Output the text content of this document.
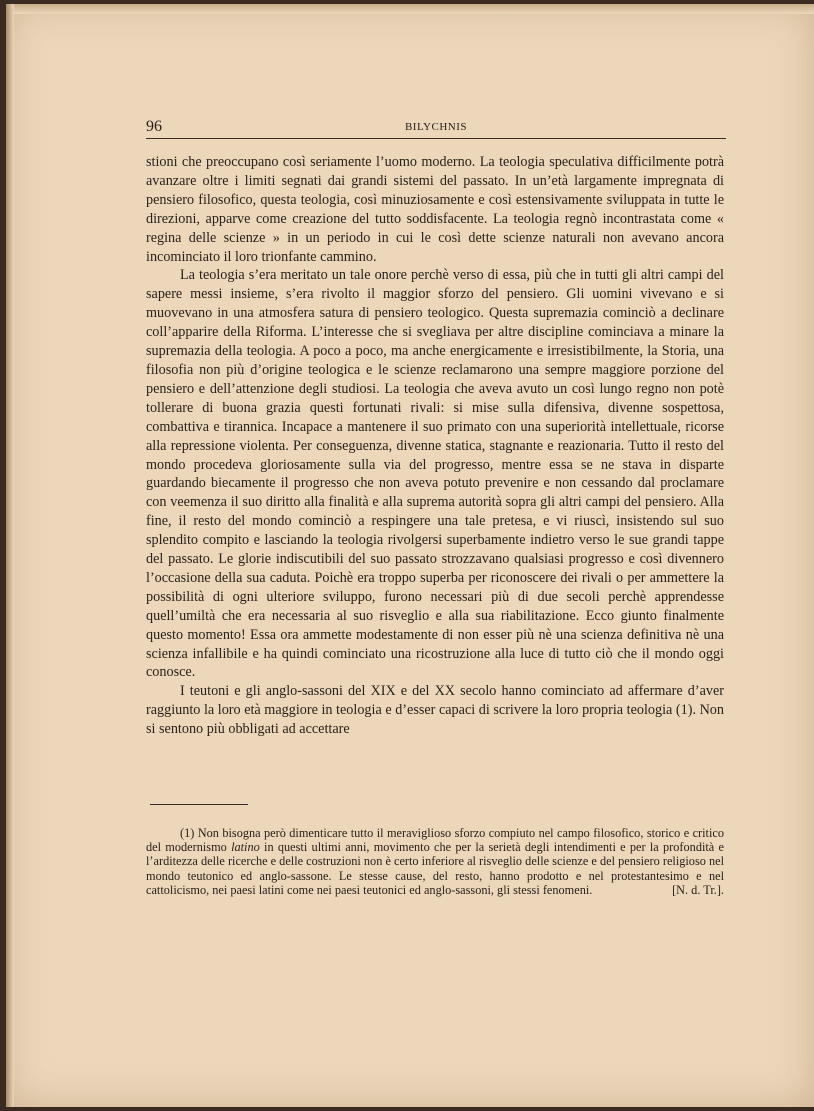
96	BILYCHNIS

stioni che preoccupano così seriamente l’uomo moderno. La teologia speculativa difficilmente potrà avanzare oltre i limiti segnati dai grandi sistemi del passato. In un’età largamente impregnata di pensiero filosofico, questa teologia, così minuziosamente e così estensivamente sviluppata in tutte le direzioni, apparve come creazione del tutto soddisfacente. La teologia regnò incontrastata come « regina delle scienze » in un periodo in cui le così dette scienze naturali non avevano ancora incominciato il loro trionfante cammino.

La teologia s’era meritato un tale onore perchè verso di essa, più che in tutti gli altri campi del sapere messi insieme, s’era rivolto il maggior sforzo del pensiero. Gli uomini vivevano e si muovevano in una atmosfera satura di pensiero teologico. Questa supremazia cominciò a declinare coll’apparire della Riforma. L’interesse che si svegliava per altre discipline cominciava a minare la supremazia della teologia. A poco a poco, ma anche energicamente e irresistibilmente, la Storia, una filosofia non più d’origine teologica e le scienze reclamarono una sempre maggiore porzione del pensiero e dell’attenzione degli studiosi. La teologia che aveva avuto un così lungo regno non potè tollerare di buona grazia questi fortunati rivali: si mise sulla difensiva, divenne sospettosa, combattiva e tirannica. Incapace a mantenere il suo primato con una superiorità intellettuale, ricorse alla repressione violenta. Per conseguenza, divenne statica, stagnante e reazionaria. Tutto il resto del mondo procedeva gloriosamente sulla via del progresso, mentre essa se ne stava in disparte guardando biecamente il progresso che non aveva potuto prevenire e non cessando dal proclamare con veemenza il suo diritto alla finalità e alla suprema autorità sopra gli altri campi del pensiero. Alla fine, il resto del mondo cominciò a respingere una tale pretesa, e vi riuscì, insistendo sul suo splendito compito e lasciando la teologia rivolgersi superbamente indietro verso le sue grandi tappe del passato. Le glorie indiscutibili del suo passato strozzavano qualsiasi progresso e così divennero l’occasione della sua caduta. Poichè era troppo superba per riconoscere dei rivali o per ammettere la possibilità di ogni ulteriore sviluppo, furono necessari più di due secoli perchè apprendesse quell’umiltà che era necessaria al suo risveglio e alla sua riabilitazione. Ecco giunto finalmente questo momento! Essa ora ammette modestamente di non esser più nè una scienza definitiva nè una scienza infallibile e ha quindi cominciato una ricostruzione alla luce di tutto ciò che il mondo oggi conosce.

I teutoni e gli anglo-sassoni del XIX e del XX secolo hanno cominciato ad affermare d’aver raggiunto la loro età maggiore in teologia e d’esser capaci di scrivere la loro propria teologia (1). Non si sentono più obbligati ad accettare

(1) Non bisogna però dimenticare tutto il meraviglioso sforzo compiuto nel campo filosofico, storico e critico del modernismo latino in questi ultimi anni, movimento che per la serietà degli intendimenti e per la profondità e l’arditezza delle ricerche e delle costruzioni non è certo inferiore al risveglio delle scienze e del pensiero religioso nel mondo teutonico ed anglo-sassone. Le stesse cause, del resto, hanno prodotto e nel protestantesimo e nel cattolicismo, nei paesi latini come nei paesi teutonici ed anglo-sassoni, gli stessi fenomeni.	[N. d. Tr.].
